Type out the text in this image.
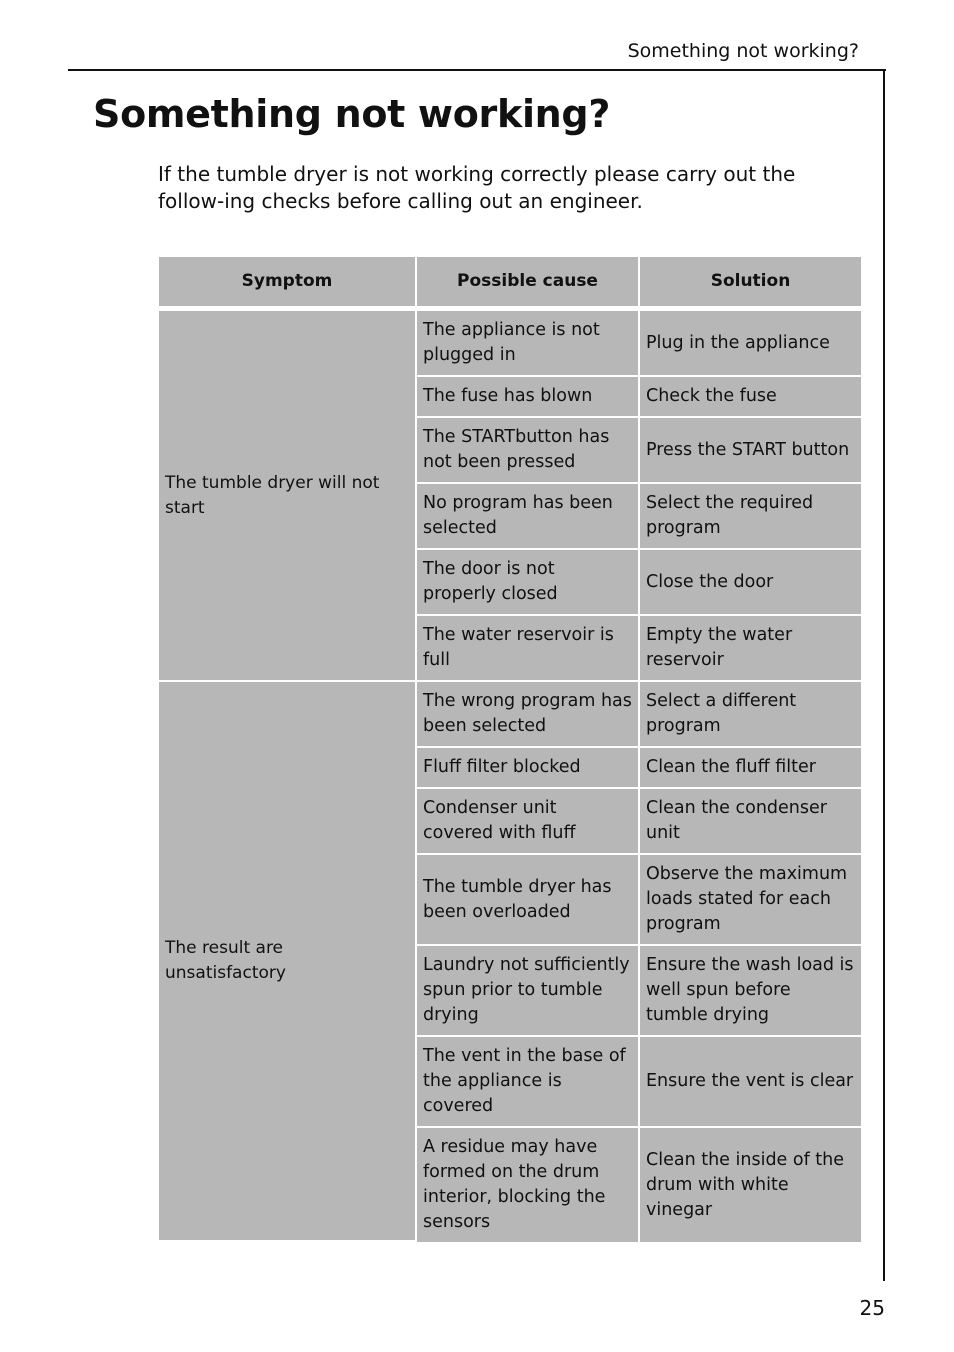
Something not working?
Something not working?

If the tumble dryer is not working correctly please carry out the follow-ing checks before calling out an engineer.

Symptom	Possible cause	Solution
The tumble dryer will not start	The appliance is not plugged in	Plug in the appliance
	The fuse has blown	Check the fuse
	The STARTbutton has not been pressed	Press the START button
	No program has been selected	Select the required program
	The door is not properly closed	Close the door
	The water reservoir is full	Empty the water reservoir
The result are unsatisfactory	The wrong program has been selected	Select a different program
	Fluff filter blocked	Clean the fluff filter
	Condenser unit covered with fluff	Clean the condenser unit
	The tumble dryer has been overloaded	Observe the maximum loads stated for each program
	Laundry not sufficiently spun prior to tumble drying	Ensure the wash load is well spun before tumble drying
	The vent in the base of the appliance is covered	Ensure the vent is clear
	A residue may have formed on the drum interior, blocking the sensors	Clean the inside of the drum with white vinegar
25
